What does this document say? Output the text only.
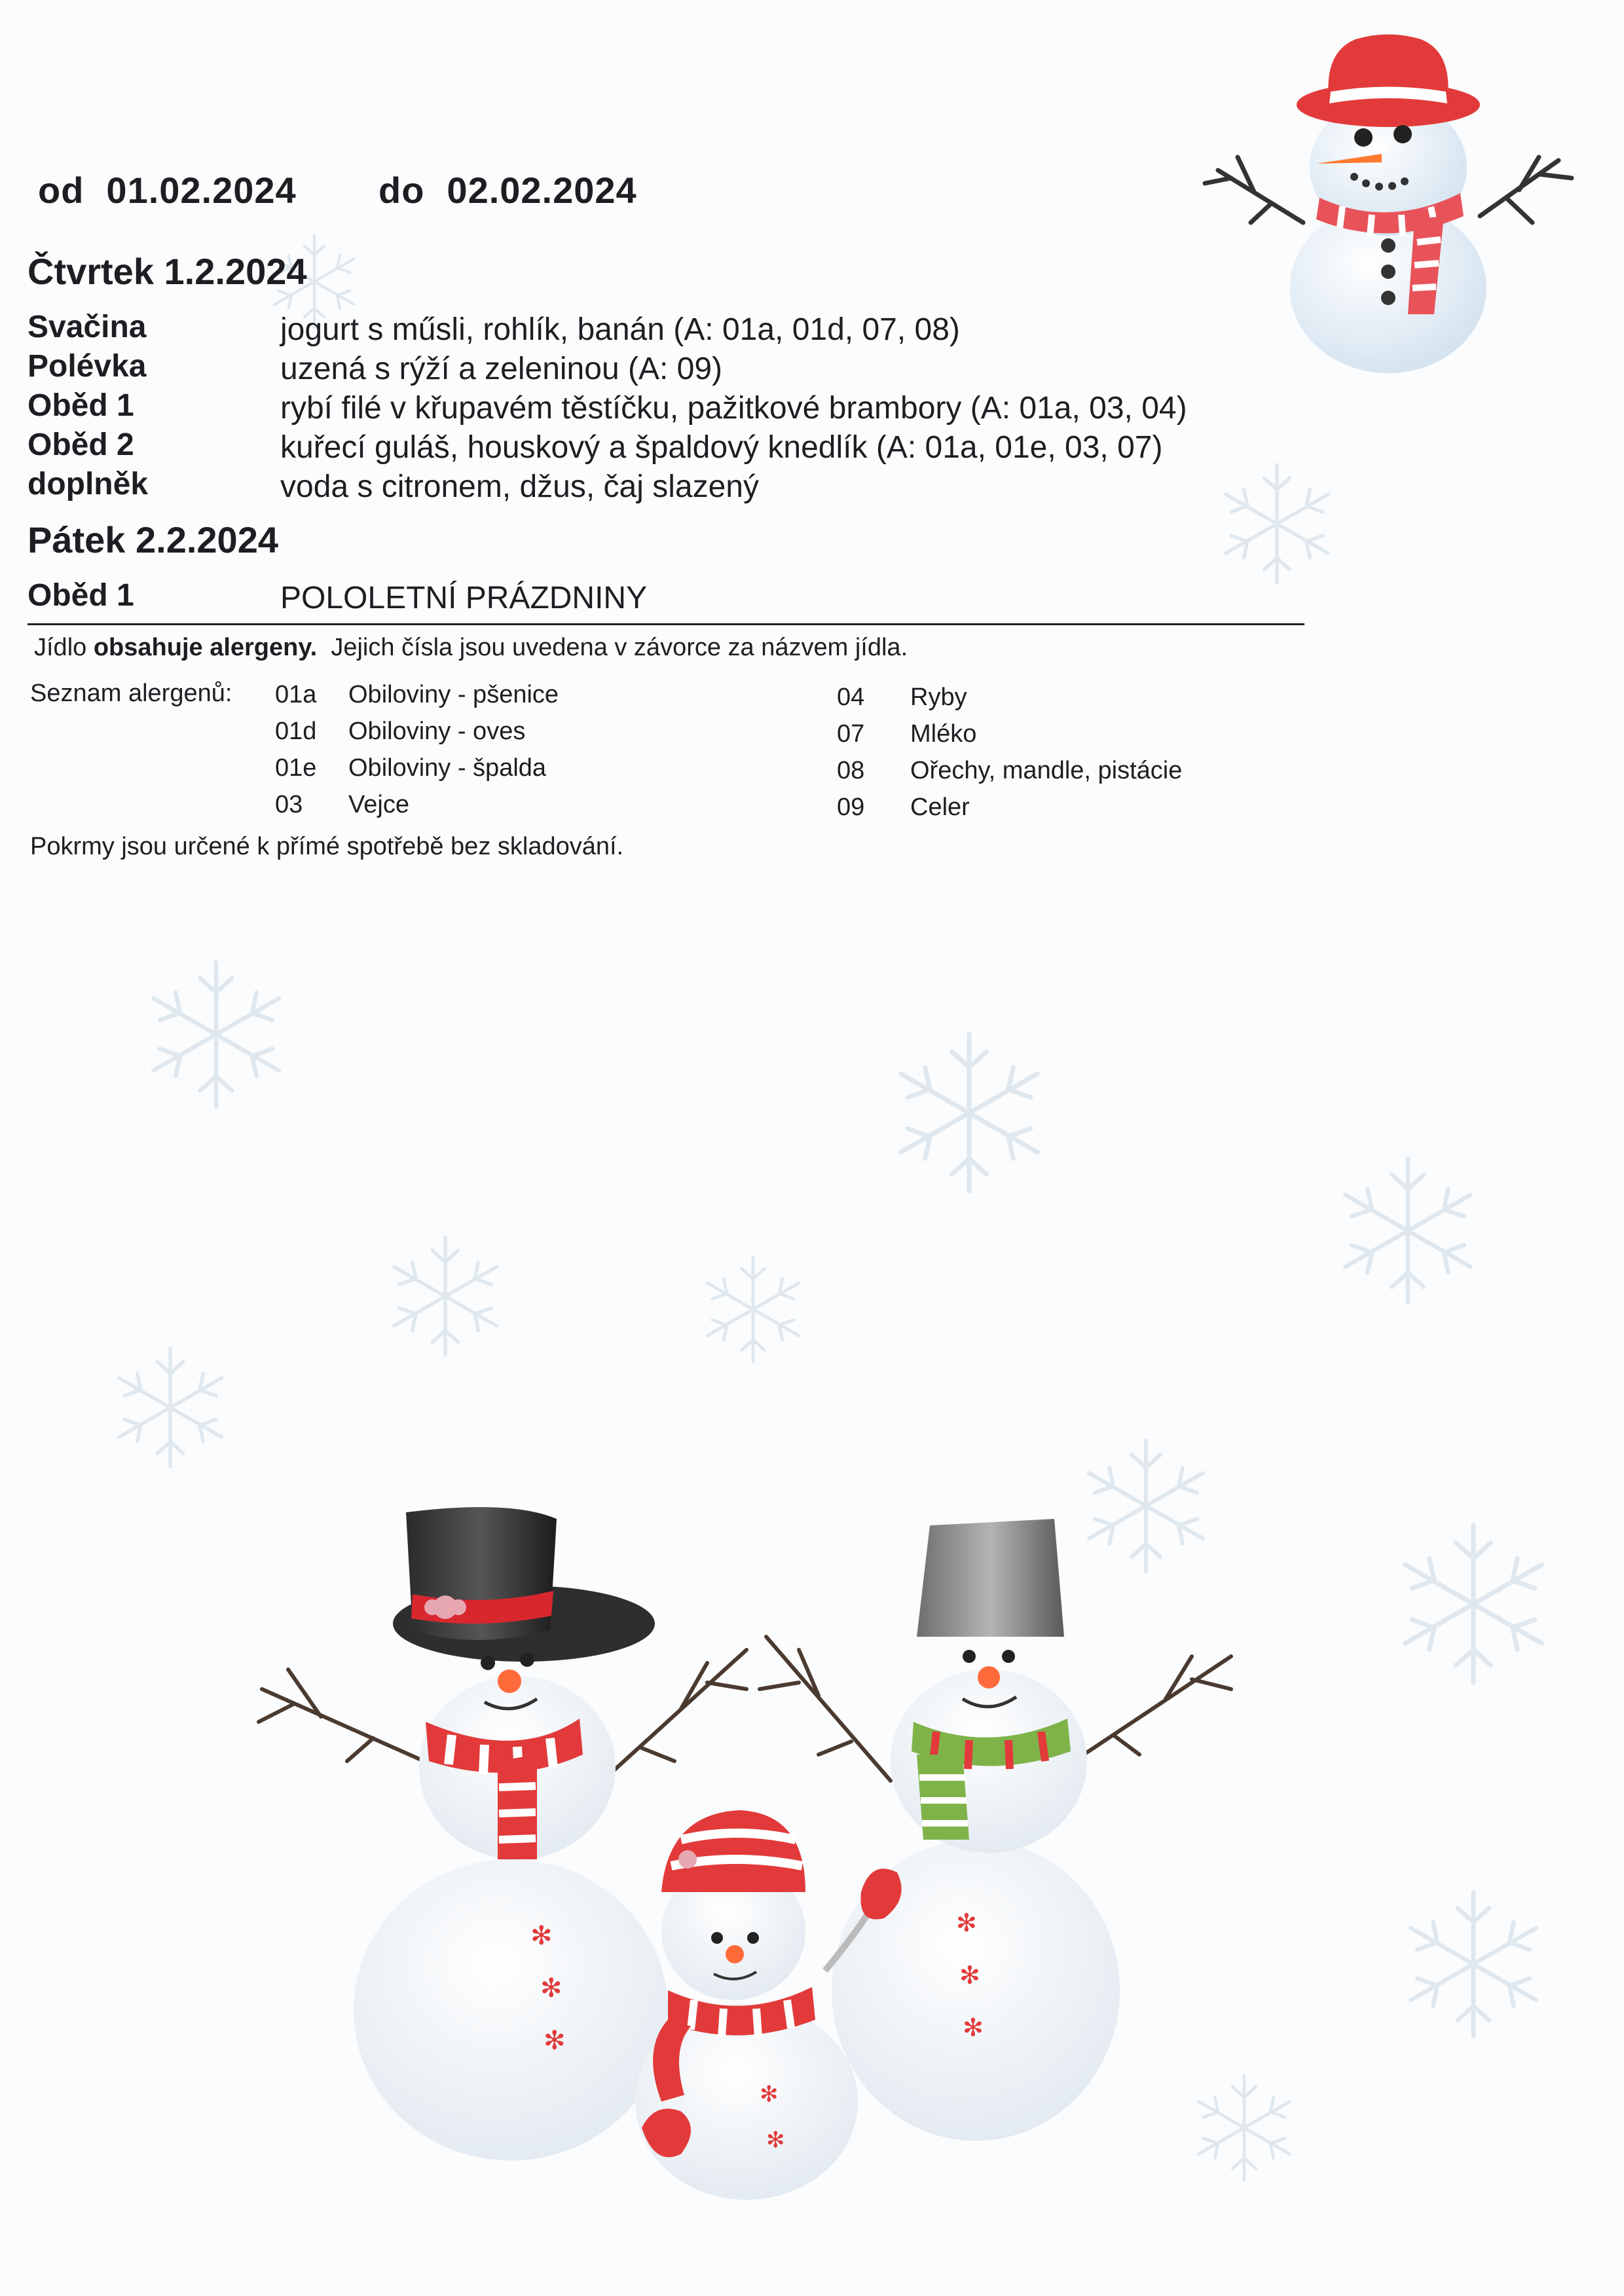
od 01.02.2024 do 02.02.2024
Čtvrtek 1.2.2024
Svačina	jogurt s műsli, rohlík, banán (A: 01a, 01d, 07, 08)
Polévka	uzená s rýží a zeleninou (A: 09)
Oběd 1	rybí filé v křupavém těstíčku, pažitkové brambory (A: 01a, 03, 04)
Oběd 2	kuřecí guláš, houskový a špaldový knedlík (A: 01a, 01e, 03, 07)
doplněk	voda s citronem, džus, čaj slazený
Pátek 2.2.2024
Oběd 1	POLOLETNÍ PRÁZDNINY
Jídlo obsahuje alergeny.  Jejich čísla jsou uvedena v závorce za názvem jídla.
Seznam alergenů: 01a Obiloviny - pšenice
01d Obiloviny - oves
01e Obiloviny - špalda
03 Vejce
04 Ryby
07 Mléko
08 Ořechy, mandle, pistácie
09 Celer
Pokrmy jsou určené k přímé spotřebě bez skladování.
✻
✻
✻
✻
✻
✻
✻
✻
